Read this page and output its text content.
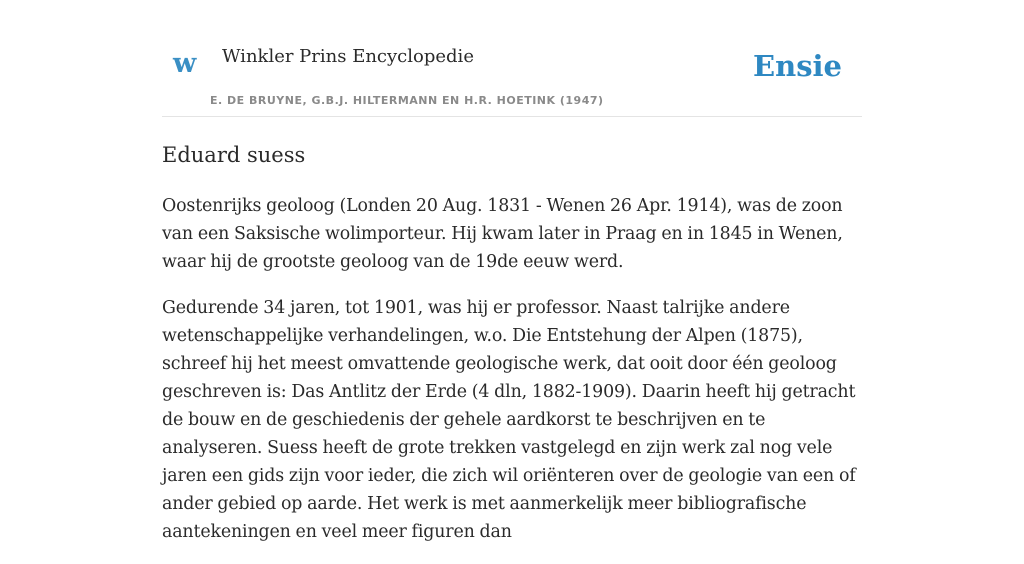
w Winkler Prins Encyclopedie
E. DE BRUYNE, G.B.J. HILTERMANN EN H.R. HOETINK (1947)
Ensie
Eduard suess

Oostenrijks geoloog (Londen 20 Aug. 1831 - Wenen 26 Apr. 1914), was de zoon van een Saksische wolimporteur. Hij kwam later in Praag en in 1845 in Wenen, waar hij de grootste geoloog van de 19de eeuw werd.

Gedurende 34 jaren, tot 1901, was hij er professor. Naast talrijke andere wetenschappelijke verhandelingen, w.o. Die Entstehung der Alpen (1875), schreef hij het meest omvattende geologische werk, dat ooit door één geoloog geschreven is: Das Antlitz der Erde (4 dln, 1882-1909). Daarin heeft hij getracht de bouw en de geschiedenis der gehele aardkorst te beschrijven en te analyseren. Suess heeft de grote trekken vastgelegd en zijn werk zal nog vele jaren een gids zijn voor ieder, die zich wil oriënteren over de geologie van een of ander gebied op aarde. Het werk is met aanmerkelijk meer bibliografische aantekeningen en veel meer figuren dan
